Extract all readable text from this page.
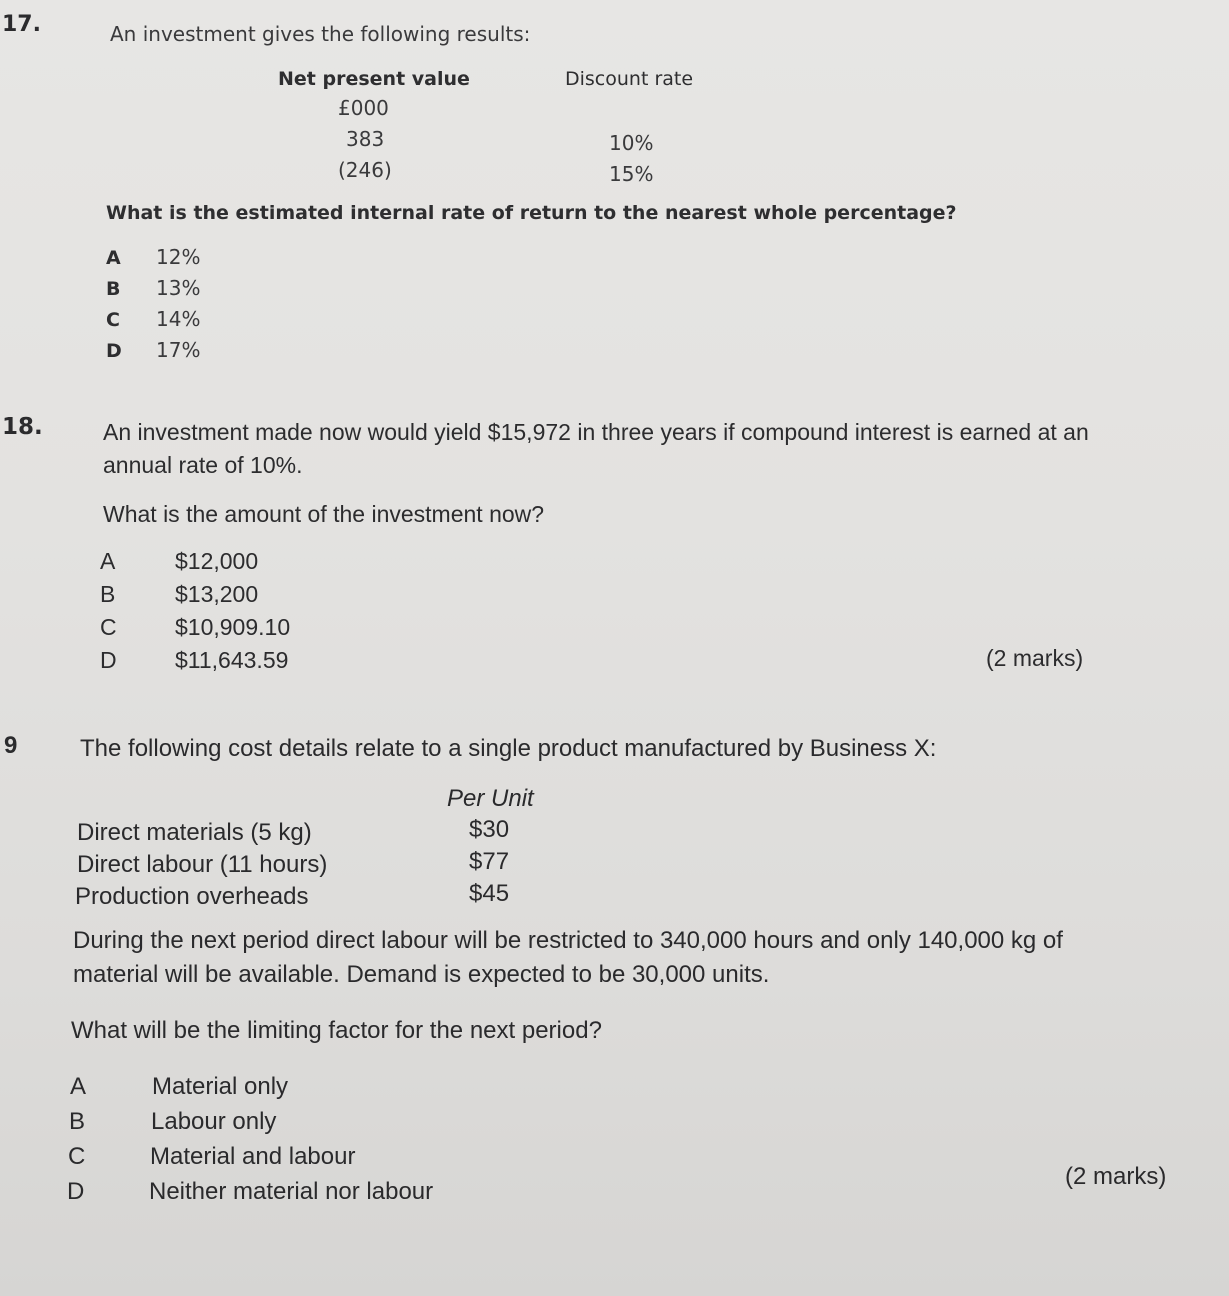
17.	An investment gives the following results:
Net present value	Discount rate
£000
383	10%
(246)	15%
What is the estimated internal rate of return to the nearest whole percentage?
A 12%
B 13%
C 14%
D 17%
18.	An investment made now would yield $15,972 in three years if compound interest is earned at an
annual rate of 10%.
What is the amount of the investment now?
A	$12,000
B	$13,200
C	$10,909.10
D	$11,643.59	(2 marks)
9	The following cost details relate to a single product manufactured by Business X:
Per Unit
Direct materials (5 kg)	$30
Direct labour (11 hours)	$77
Production overheads	$45
During the next period direct labour will be restricted to 340,000 hours and only 140,000 kg of
material will be available. Demand is expected to be 30,000 units.
What will be the limiting factor for the next period?
A	Material only
B	Labour only
C	Material and labour
D	Neither material nor labour
(2 marks)
